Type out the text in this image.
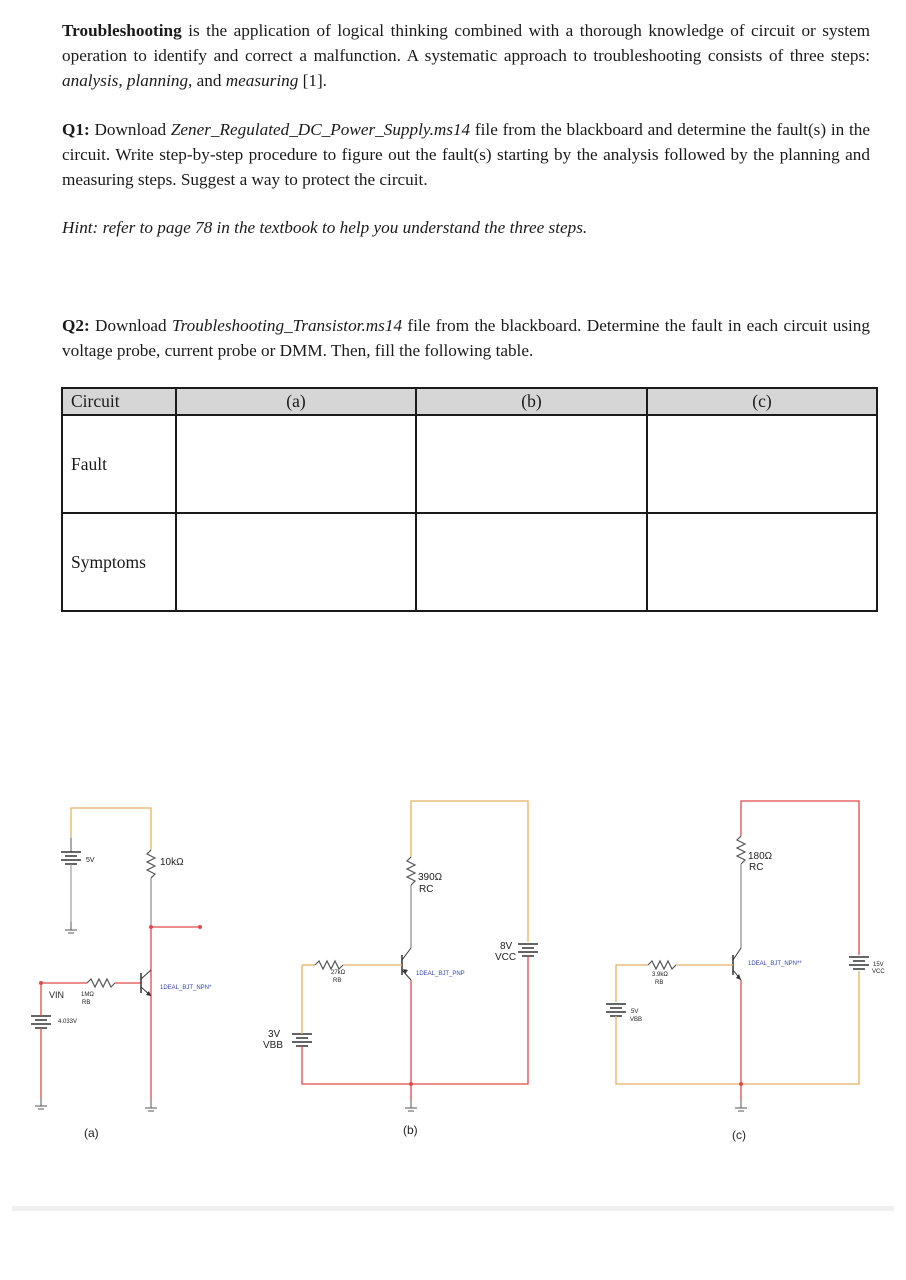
Troubleshooting is the application of logical thinking combined with a thorough knowledge of circuit or system operation to identify and correct a malfunction. A systematic approach to troubleshooting consists of three steps: analysis, planning, and measuring [1].
Q1: Download Zener_Regulated_DC_Power_Supply.ms14 file from the blackboard and determine the fault(s) in the circuit. Write step-by-step procedure to figure out the fault(s) starting by the analysis followed by the planning and measuring steps. Suggest a way to protect the circuit.
Hint: refer to page 78 in the textbook to help you understand the three steps.
Q2: Download Troubleshooting_Transistor.ms14 file from the blackboard. Determine the fault in each circuit using voltage probe, current probe or DMM. Then, fill the following table.
Circuit	(a)	(b)	(c)
Fault			
Symptoms			
5V	10kΩ
VIN
4.033V
1MΩ
RB
1DEAL_BJT_NPN*
(a)
390Ω
RC
27kΩ
RB
1DEAL_BJT_PNP
8V
VCC
3V
VBB
(b)
180Ω
RC
3.9kΩ
RB
1DEAL_BJT_NPN**	15V
VCC
5V
VBB
(c)
